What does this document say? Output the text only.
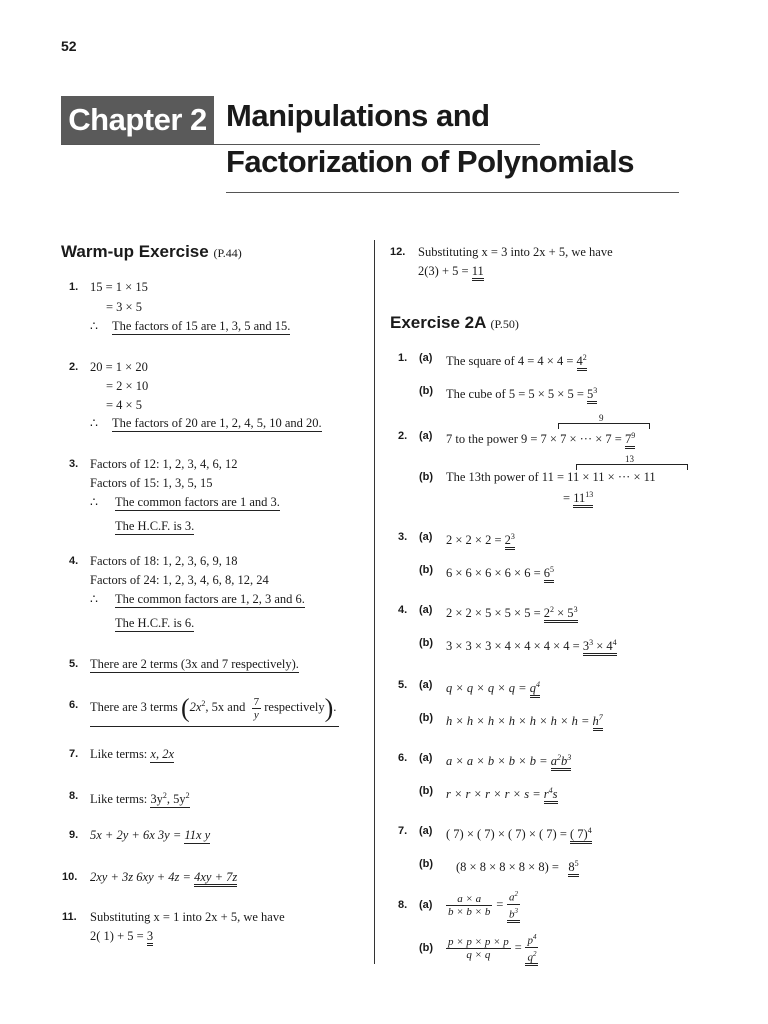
52
Chapter 2 Manipulations and
Factorization of Polynomials
Warm-up Exercise (P.44)
1. 15 = 1 × 15
= 3 × 5
∴ The factors of 15 are 1, 3, 5 and 15.
2. 20 = 1 × 20
= 2 × 10
= 4 × 5
∴ The factors of 20 are 1, 2, 4, 5, 10 and 20.
3. Factors of 12: 1, 2, 3, 4, 6, 12
Factors of 15: 1, 3, 5, 15
∴ The common factors are 1 and 3.
The H.C.F. is 3.
4. Factors of 18: 1, 2, 3, 6, 9, 18
Factors of 24: 1, 2, 3, 4, 6, 8, 12, 24
∴ The common factors are 1, 2, 3 and 6.
The H.C.F. is 6.
5. There are 2 terms (3x and 7 respectively).
6. There are 3 terms ($2x^2$, 5x and $\frac{7}{y}$ respectively).
7. Like terms: x, 2x
8. Like terms: $3y^2$, $5y^2$
9. 5x + 2y + 6x 3y = 11x y
10. 2xy + 3z 6xy + 4z = 4xy + 7z
11. Substituting x = 1 into 2x + 5, we have
2( 1) + 5 = 3
12. Substituting x = 3 into 2x + 5, we have
2(3) + 5 = 11
Exercise 2A (P.50)
1. (a) The square of $4 = 4 \times 4 = 4^2$
(b) The cube of $5 = 5 \times 5 \times 5 = 5^3$
2. (a)
9
7 to the power 9 = 7 × 7 × ··· × $7 = 7^9$
(b)
13
The 13th power of 11 = 11 × 11 × ··· × 11
= $11^{13}$
3. (a) $2 \times 2 \times 2 = 2^3$
(b) $6 \times 6 \times 6 \times 6 \times 6 = 6^5$
4. (a) $2 \times 2 \times 5 \times 5 \times 5 = 2^2 \times 5^3$
(b) $3 \times 3 \times 3 \times 4 \times 4 \times 4 \times 4 = 3^3 \times 4^4$
5. (a) $q \times q \times q \times q = q^4$
(b) $h \times h \times h \times h \times h \times h \times h = h^7$
6. (a) $a \times a \times b \times b \times b = a^2b^3$
(b) $r \times r \times r \times r \times s = r^4s$
7. (a) ( 7) × ( 7) × ( 7) × ( 7) = ( 7)$^4$
(b) $(8 \times 8 \times 8 \times 8 \times 8) = 8^5$
8. $(a) \frac{a \times a}{b \times b \times b} = \frac{a^2}{b^3}$
$(b) \frac{p \times p \times p \times p}{q \times q} = \frac{p^4}{q^2}$
